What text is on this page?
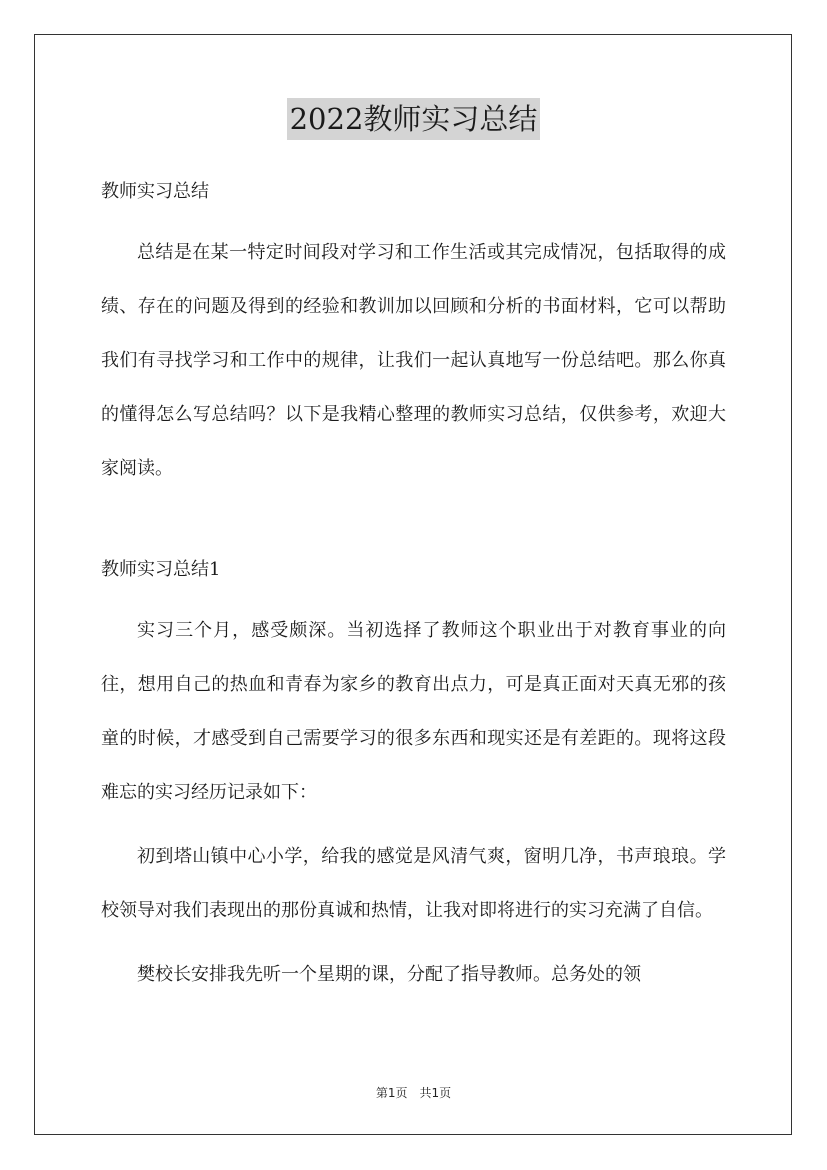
2022教师实习总结

教师实习总结

总结是在某一特定时间段对学习和工作生活或其完成情况，包括取得的成绩、存在的问题及得到的经验和教训加以回顾和分析的书面材料，它可以帮助我们有寻找学习和工作中的规律，让我们一起认真地写一份总结吧。那么你真的懂得怎么写总结吗？以下是我精心整理的教师实习总结，仅供参考，欢迎大家阅读。

教师实习总结1

实习三个月，感受颇深。当初选择了教师这个职业出于对教育事业的向往，想用自己的热血和青春为家乡的教育出点力，可是真正面对天真无邪的孩童的时候，才感受到自己需要学习的很多东西和现实还是有差距的。现将这段难忘的实习经历记录如下：

初到塔山镇中心小学，给我的感觉是风清气爽，窗明几净，书声琅琅。学校领导对我们表现出的那份真诚和热情，让我对即将进行的实习充满了自信。

樊校长安排我先听一个星期的课，分配了指导教师。总务处的领

第1页　共1页
